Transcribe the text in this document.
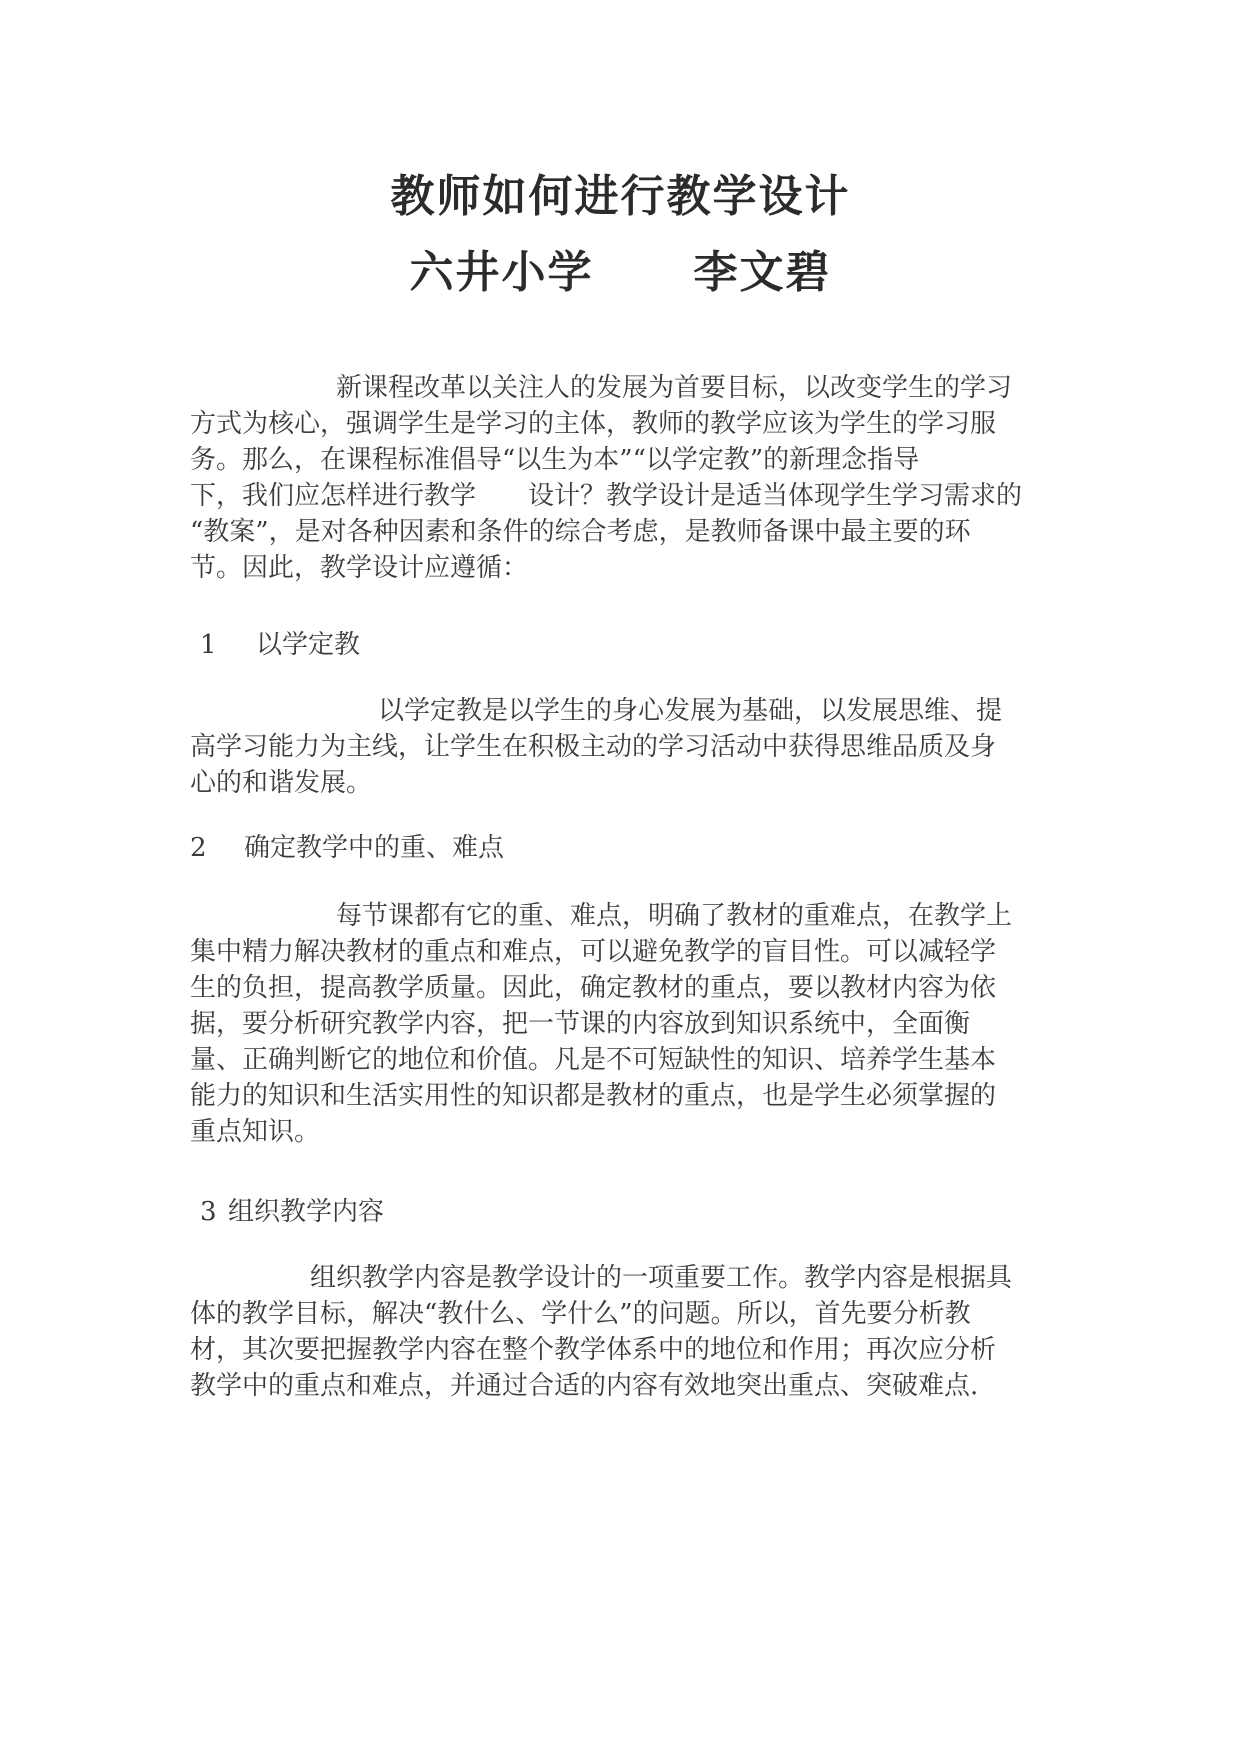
教师如何进行教学设计
六井小学 李文碧
新课程改革以关注人的发展为首要目标，以改变学生的学习
方式为核心，强调学生是学习的主体，教师的教学应该为学生的学习服
务。那么，在课程标准倡导“以生为本”“以学定教”的新理念指导
下，我们应怎样进行教学　　设计？教学设计是适当体现学生学习需求的
“教案”，是对各种因素和条件的综合考虑，是教师备课中最主要的环
节。因此，教学设计应遵循：
1 以学定教
以学定教是以学生的身心发展为基础，以发展思维、提
高学习能力为主线，让学生在积极主动的学习活动中获得思维品质及身
心的和谐发展。
2 确定教学中的重、难点
每节课都有它的重、难点，明确了教材的重难点，在教学上
集中精力解决教材的重点和难点，可以避免教学的盲目性。可以减轻学
生的负担，提高教学质量。因此，确定教材的重点，要以教材内容为依
据，要分析研究教学内容，把一节课的内容放到知识系统中，全面衡
量、正确判断它的地位和价值。凡是不可短缺性的知识、培养学生基本
能力的知识和生活实用性的知识都是教材的重点，也是学生必须掌握的
重点知识。
3 组织教学内容
组织教学内容是教学设计的一项重要工作。教学内容是根据具
体的教学目标，解决“教什么、学什么”的问题。所以，首先要分析教
材，其次要把握教学内容在整个教学体系中的地位和作用；再次应分析
教学中的重点和难点，并通过合适的内容有效地突出重点、突破难点.
